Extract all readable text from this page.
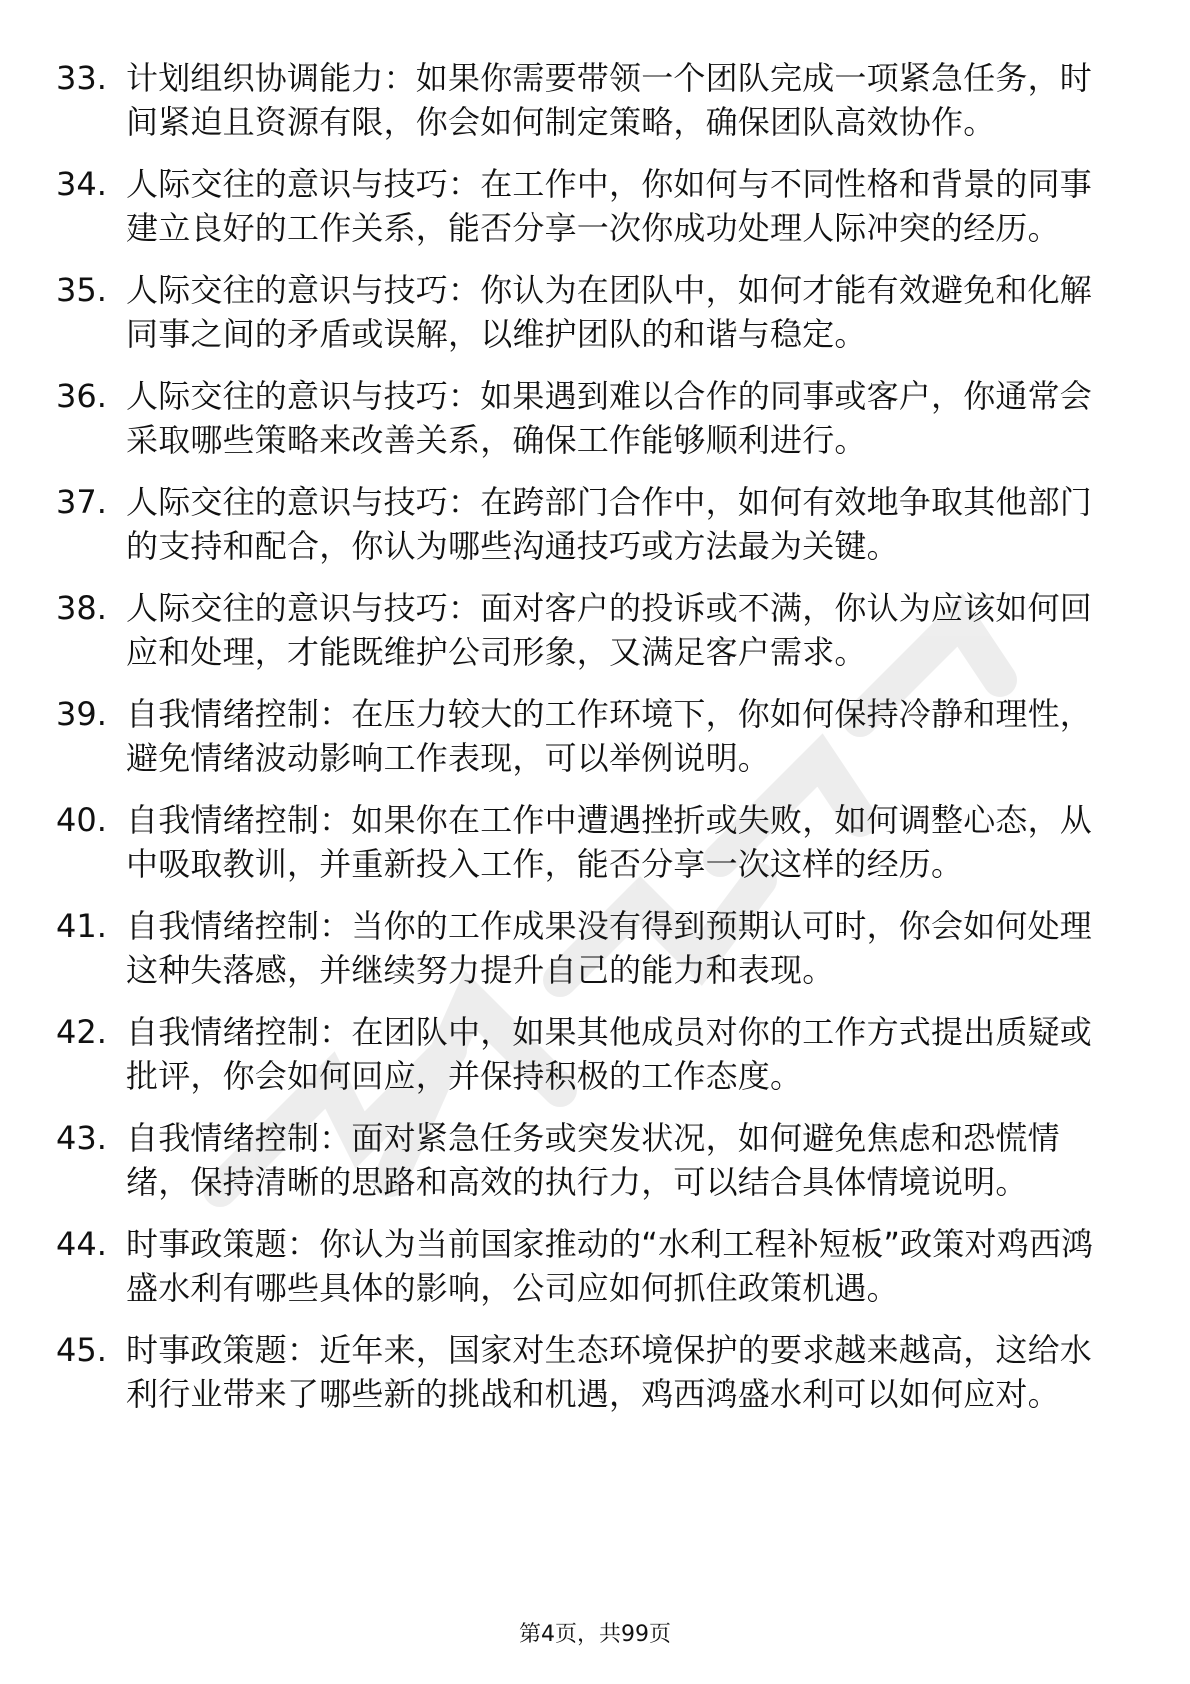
33. 计划组织协调能力：如果你需要带领一个团队完成一项紧急任务，时间紧迫且资源有限，你会如何制定策略，确保团队高效协作。
34. 人际交往的意识与技巧：在工作中，你如何与不同性格和背景的同事建立良好的工作关系，能否分享一次你成功处理人际冲突的经历。
35. 人际交往的意识与技巧：你认为在团队中，如何才能有效避免和化解同事之间的矛盾或误解，以维护团队的和谐与稳定。
36. 人际交往的意识与技巧：如果遇到难以合作的同事或客户，你通常会采取哪些策略来改善关系，确保工作能够顺利进行。
37. 人际交往的意识与技巧：在跨部门合作中，如何有效地争取其他部门的支持和配合，你认为哪些沟通技巧或方法最为关键。
38. 人际交往的意识与技巧：面对客户的投诉或不满，你认为应该如何回应和处理，才能既维护公司形象，又满足客户需求。
39. 自我情绪控制：在压力较大的工作环境下，你如何保持冷静和理性，避免情绪波动影响工作表现，可以举例说明。
40. 自我情绪控制：如果你在工作中遭遇挫折或失败，如何调整心态，从中吸取教训，并重新投入工作，能否分享一次这样的经历。
41. 自我情绪控制：当你的工作成果没有得到预期认可时，你会如何处理这种失落感，并继续努力提升自己的能力和表现。
42. 自我情绪控制：在团队中，如果其他成员对你的工作方式提出质疑或批评，你会如何回应，并保持积极的工作态度。
43. 自我情绪控制：面对紧急任务或突发状况，如何避免焦虑和恐慌情绪，保持清晰的思路和高效的执行力，可以结合具体情境说明。
44. 时事政策题：你认为当前国家推动的“水利工程补短板”政策对鸡西鸿盛水利有哪些具体的影响，公司应如何抓住政策机遇。
45. 时事政策题：近年来，国家对生态环境保护的要求越来越高，这给水利行业带来了哪些新的挑战和机遇，鸡西鸿盛水利可以如何应对。
第4页，共99页
